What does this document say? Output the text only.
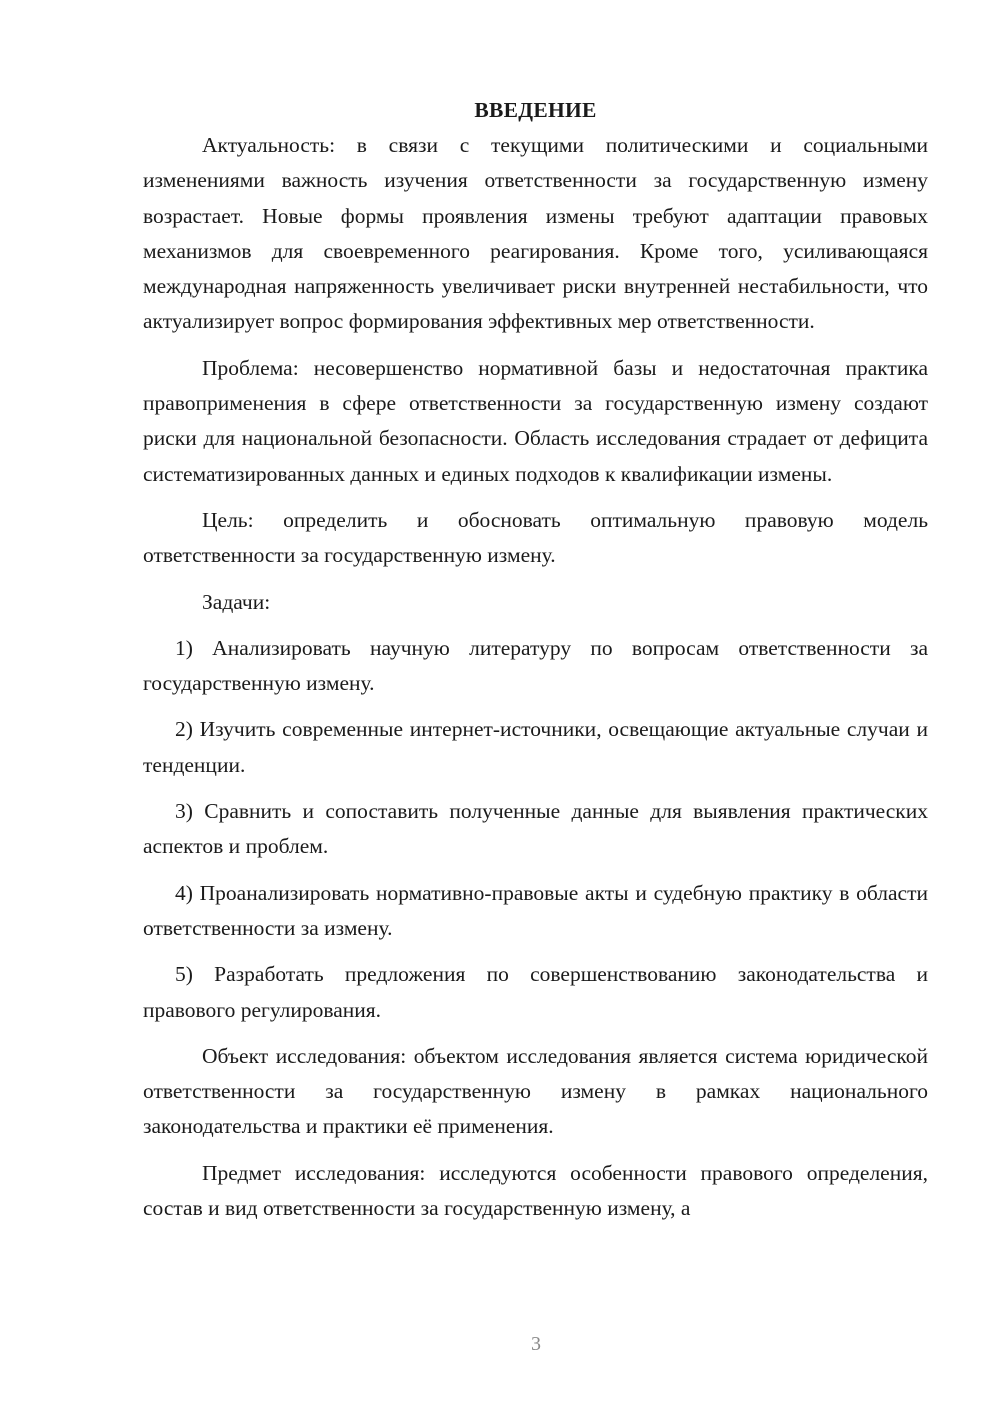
ВВЕДЕНИЕ

Актуальность: в связи с текущими политическими и социальными изменениями важность изучения ответственности за государственную измену возрастает. Новые формы проявления измены требуют адаптации правовых механизмов для своевременного реагирования. Кроме того, усиливающаяся международная напряженность увеличивает риски внутренней нестабильности, что актуализирует вопрос формирования эффективных мер ответственности.

Проблема: несовершенство нормативной базы и недостаточная практика правоприменения в сфере ответственности за государственную измену создают риски для национальной безопасности. Область исследования страдает от дефицита систематизированных данных и единых подходов к квалификации измены.

Цель: определить и обосновать оптимальную правовую модель ответственности за государственную измену.

Задачи:

1) Анализировать научную литературу по вопросам ответственности за государственную измену.

2) Изучить современные интернет-источники, освещающие актуальные случаи и тенденции.

3) Сравнить и сопоставить полученные данные для выявления практических аспектов и проблем.

4) Проанализировать нормативно-правовые акты и судебную практику в области ответственности за измену.

5) Разработать предложения по совершенствованию законодательства и правового регулирования.

Объект исследования: объектом исследования является система юридической ответственности за государственную измену в рамках национального законодательства и практики её применения.

Предмет исследования: исследуются особенности правового определения, состав и вид ответственности за государственную измену, а

3
